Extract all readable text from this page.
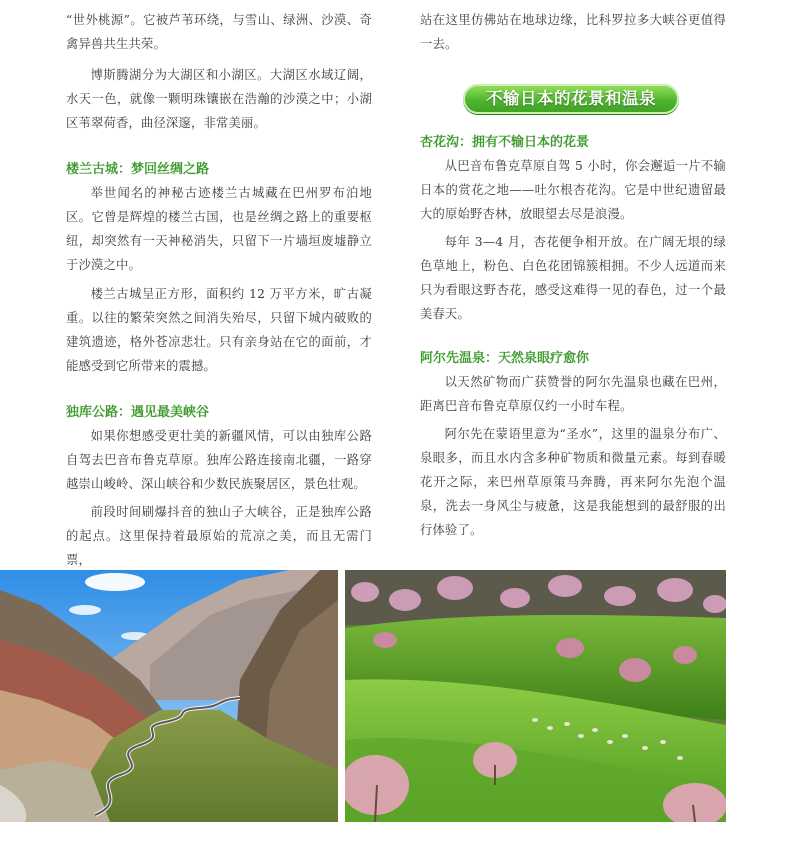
“世外桃源”。它被芦苇环绕，与雪山、绿洲、沙漠、奇禽异兽共生共荣。

博斯腾湖分为大湖区和小湖区。大湖区水域辽阔，水天一色，就像一颗明珠镶嵌在浩瀚的沙漠之中；小湖区苇翠荷香，曲径深邃，非常美丽。

楼兰古城：梦回丝绸之路

举世闻名的神秘古迹楼兰古城藏在巴州罗布泊地区。它曾是辉煌的楼兰古国，也是丝绸之路上的重要枢纽，却突然有一天神秘消失，只留下一片墙垣废墟静立于沙漠之中。

楼兰古城呈正方形，面积约 12 万平方米，旷古凝重。以往的繁荣突然之间消失殆尽，只留下城内破败的建筑遗迹，格外苍凉悲壮。只有亲身站在它的面前，才能感受到它所带来的震撼。

独库公路：遇见最美峡谷

如果你想感受更壮美的新疆风情，可以由独库公路自驾去巴音布鲁克草原。独库公路连接南北疆，一路穿越崇山峻岭、深山峡谷和少数民族聚居区，景色壮观。

前段时间刷爆抖音的独山子大峡谷，正是独库公路的起点。这里保持着最原始的荒凉之美，而且无需门票，

站在这里仿佛站在地球边缘，比科罗拉多大峡谷更值得一去。

杏花沟：拥有不输日本的花景

从巴音布鲁克草原自驾 5 小时，你会邂逅一片不输日本的赏花之地——吐尔根杏花沟。它是中世纪遗留最大的原始野杏林，放眼望去尽是浪漫。

每年 3—4 月，杏花便争相开放。在广阔无垠的绿色草地上，粉色、白色花团锦簇相拥。不少人远道而来只为看眼这野杏花，感受这难得一见的春色，过一个最美春天。

阿尔先温泉：天然泉眼疗愈你

以天然矿物而广获赞誉的阿尔先温泉也藏在巴州，距离巴音布鲁克草原仅约一小时车程。

阿尔先在蒙语里意为“圣水”，这里的温泉分布广、泉眼多，而且水内含多种矿物质和微量元素。每到春暖花开之际，来巴州草原策马奔腾，再来阿尔先泡个温泉，洗去一身风尘与疲惫，这是我能想到的最舒服的出行体验了。

不输日本的花景和温泉
